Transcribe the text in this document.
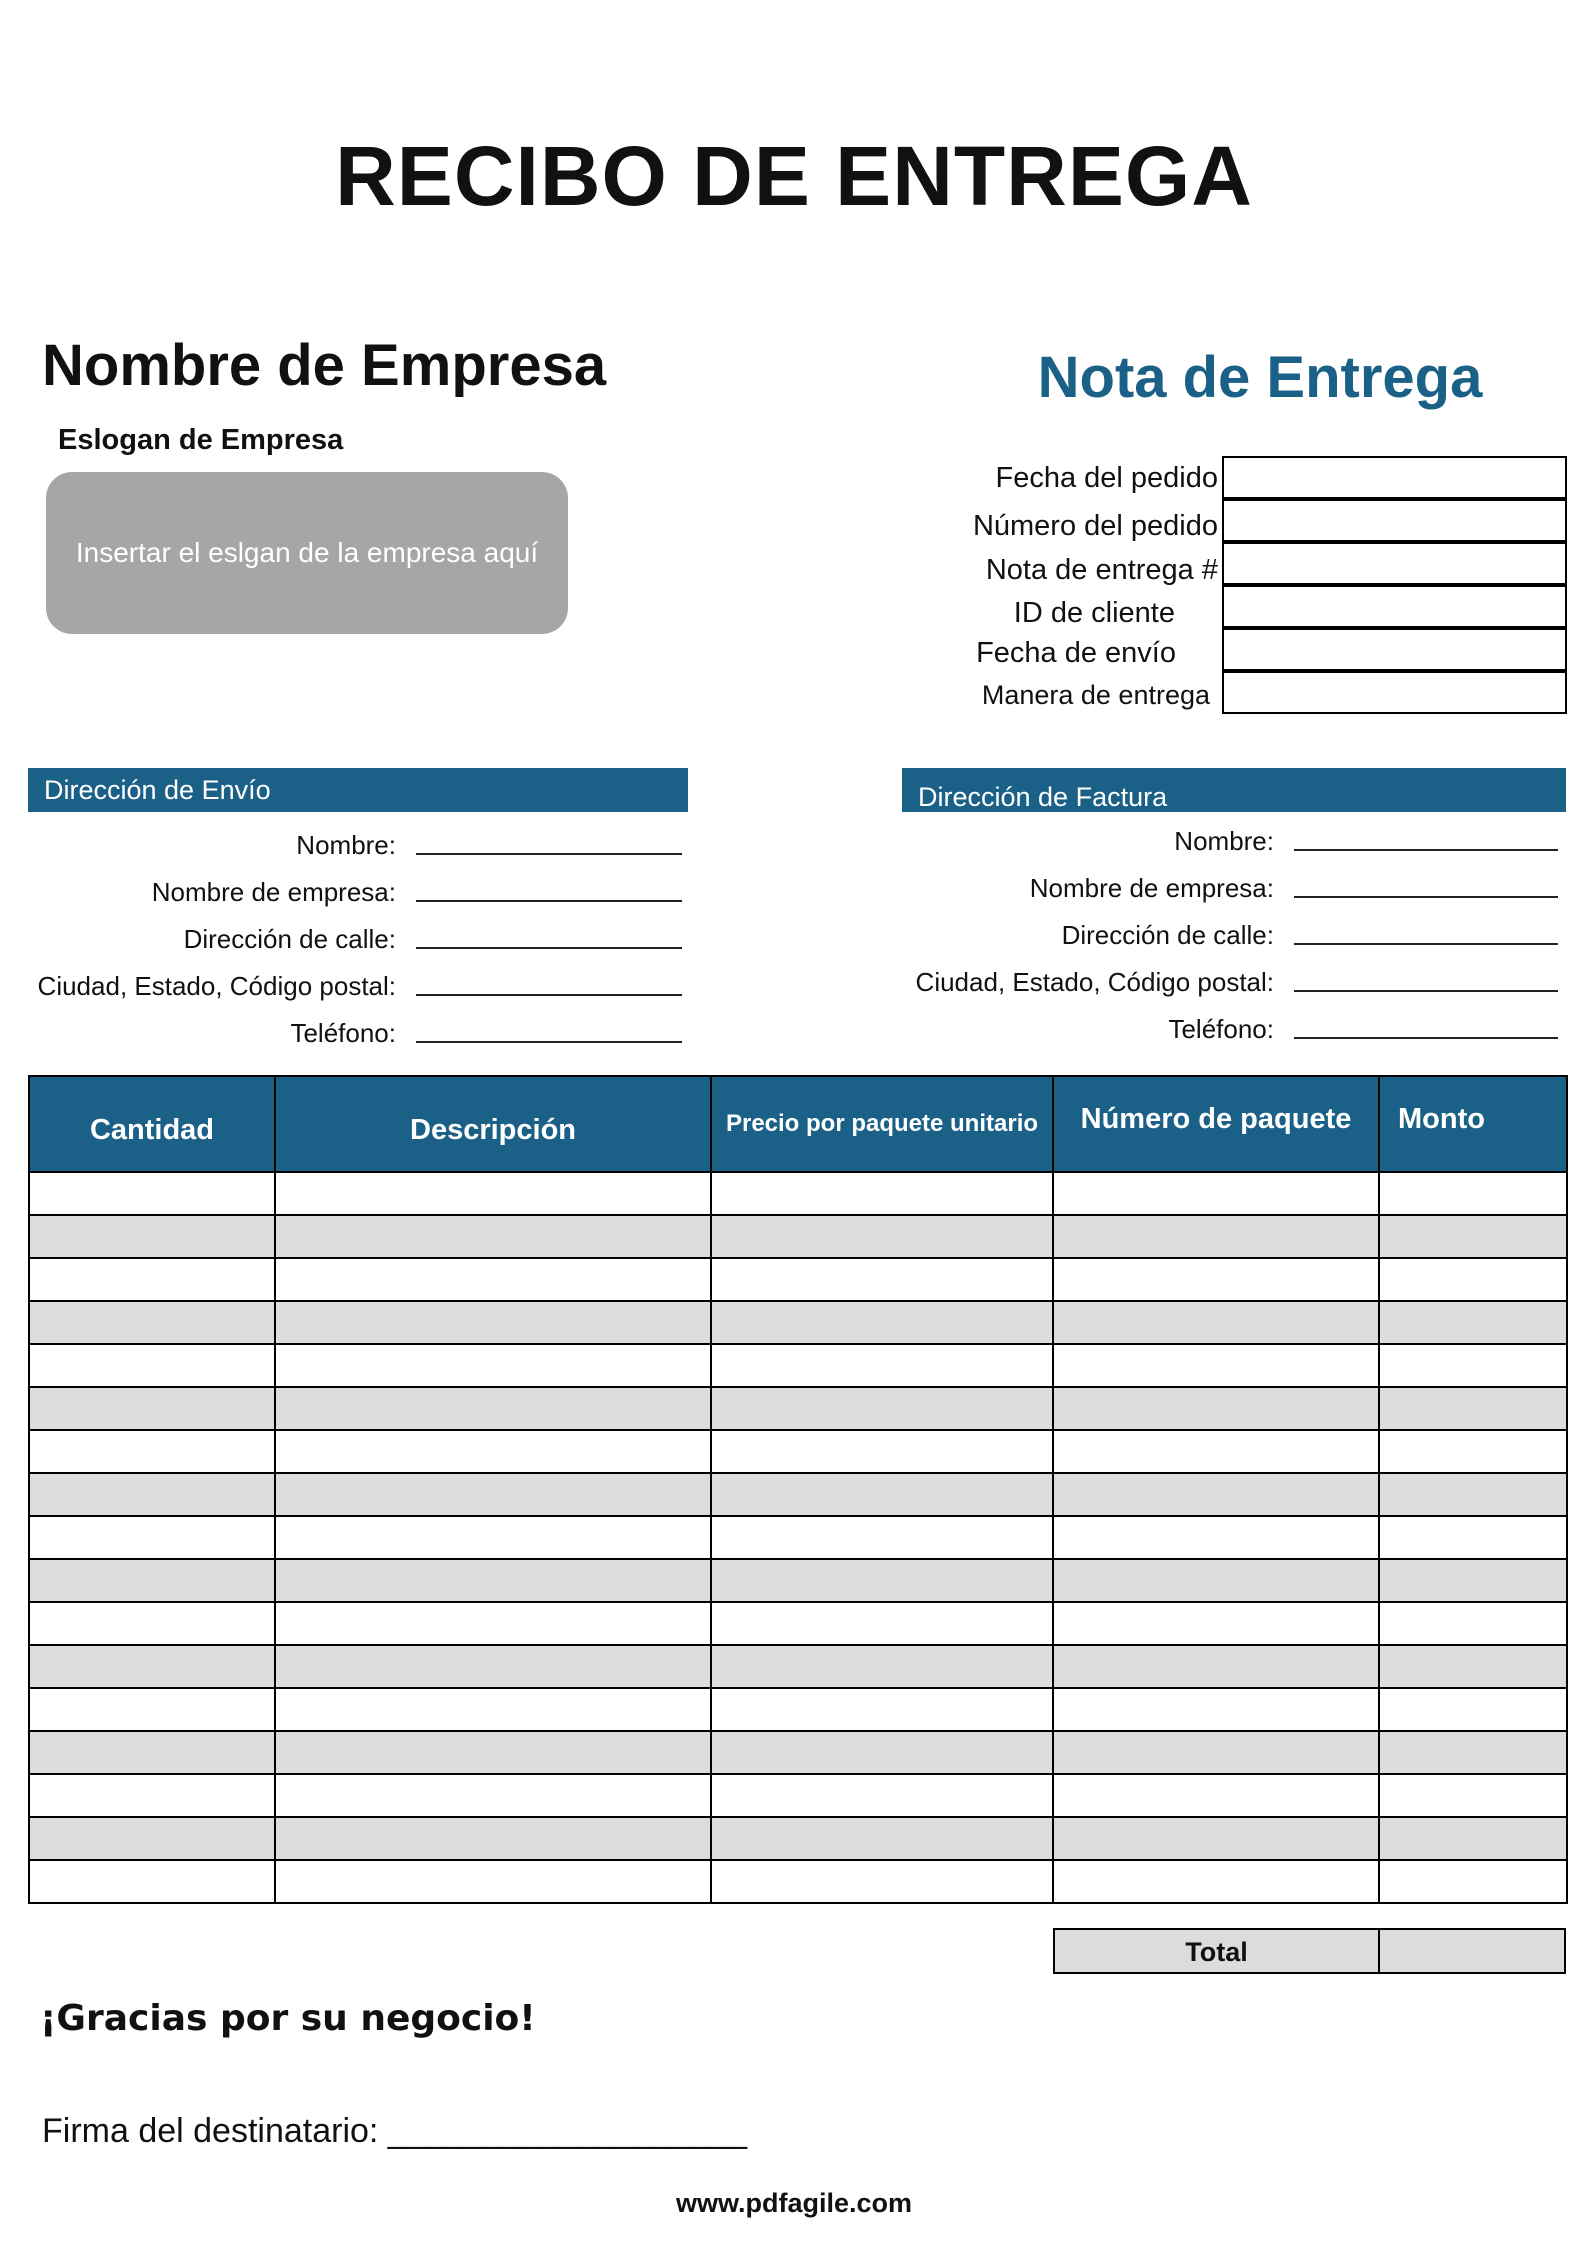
RECIBO DE ENTREGA
Nombre de Empresa
Eslogan de Empresa
Insertar el eslgan de la empresa aquí
Nota de Entrega
Fecha del pedido
Número del pedido
Nota de entrega #
ID de cliente
Fecha de envío
Manera de entrega
Dirección de Envío
Nombre:
Nombre de empresa:
Dirección de calle:
Ciudad, Estado, Código postal:
Teléfono:
Dirección de Factura
Nombre:
Nombre de empresa:
Dirección de calle:
Ciudad, Estado, Código postal:
Teléfono:
Cantidad	Descripción	Precio por paquete unitario	Número de paquete	Monto

Total
¡Gracias por su negocio!
Firma del destinatario: ___________________
www.pdfagile.com
